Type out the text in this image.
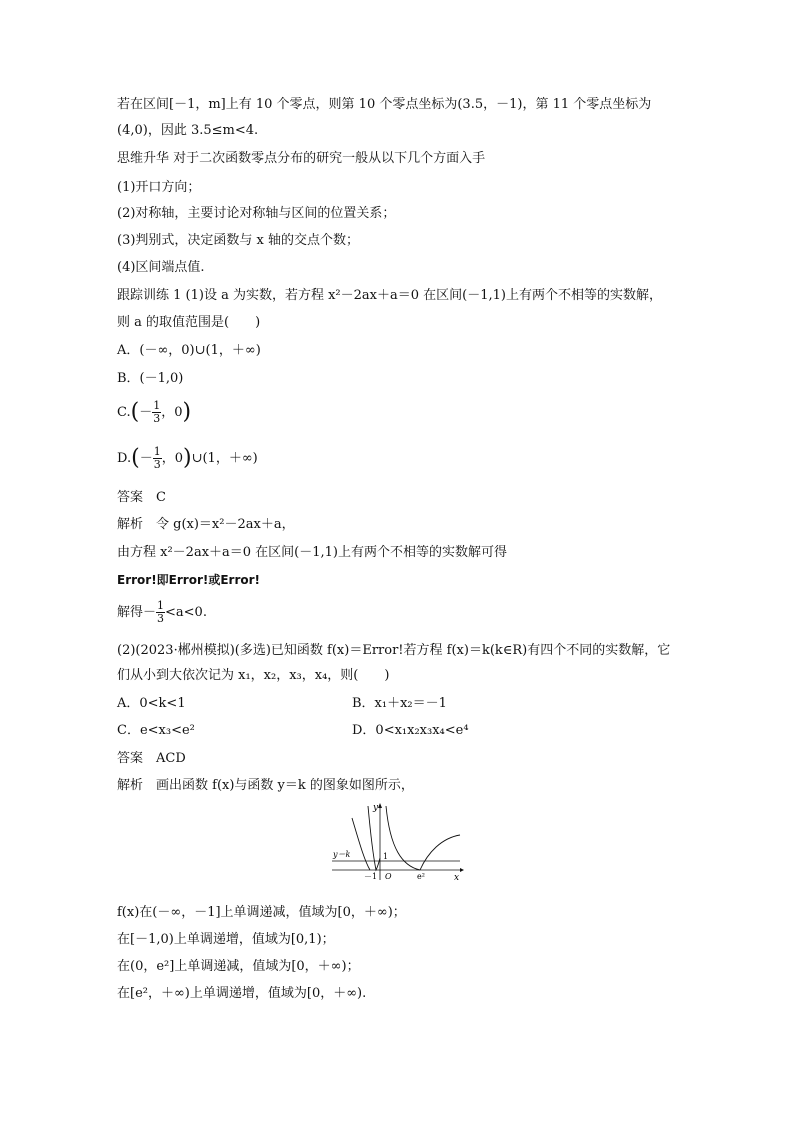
若在区间[－1，m]上有 10 个零点，则第 10 个零点坐标为(3.5，－1)，第 11 个零点坐标为
(4,0)，因此 3.5≤m<4.
思维升华 对于二次函数零点分布的研究一般从以下几个方面入手
(1)开口方向；
(2)对称轴，主要讨论对称轴与区间的位置关系；
(3)判别式，决定函数与 x 轴的交点个数；
(4)区间端点值.
跟踪训练 1 (1)设 a 为实数，若方程 x²－2ax＋a＝0 在区间(－1,1)上有两个不相等的实数解，
则 a 的取值范围是(　　)
A．(－∞，0)∪(1，＋∞)
B．(－1,0)
$C.(- \frac{1}{3}$ ，0)
$D.(- \frac{1}{3}$ ，0)∪(1，＋∞)
答案　C
解析　令 g(x)＝x²－2ax＋a，
由方程 x²－2ax＋a＝0 在区间(－1,1)上有两个不相等的实数解可得
Error!即Error!或Error!
解得－ $\frac{1}{3} <a<0$.
(2)(2023·郴州模拟)(多选)已知函数 f(x)＝Error!若方程 f(x)＝k(k∈R)有四个不同的实数解，它
们从小到大依次记为 x₁，x₂，x₃，x₄，则(　　)
A．0<k<1	B．x₁＋x₂＝－1
C．e<x₃<e²	D．0<x₁x₂x₃x₄<e⁴
答案　ACD
解析　画出函数 f(x)与函数 y＝k 的图象如图所示，
y
x
y＝k	1
－1 O	e²
f(x)在(－∞，－1]上单调递减，值域为[0，＋∞)；
在[－1,0)上单调递增，值域为[0,1)；
在(0，e²]上单调递减，值域为[0，＋∞)；
在[e²，＋∞)上单调递增，值域为[0，＋∞).
